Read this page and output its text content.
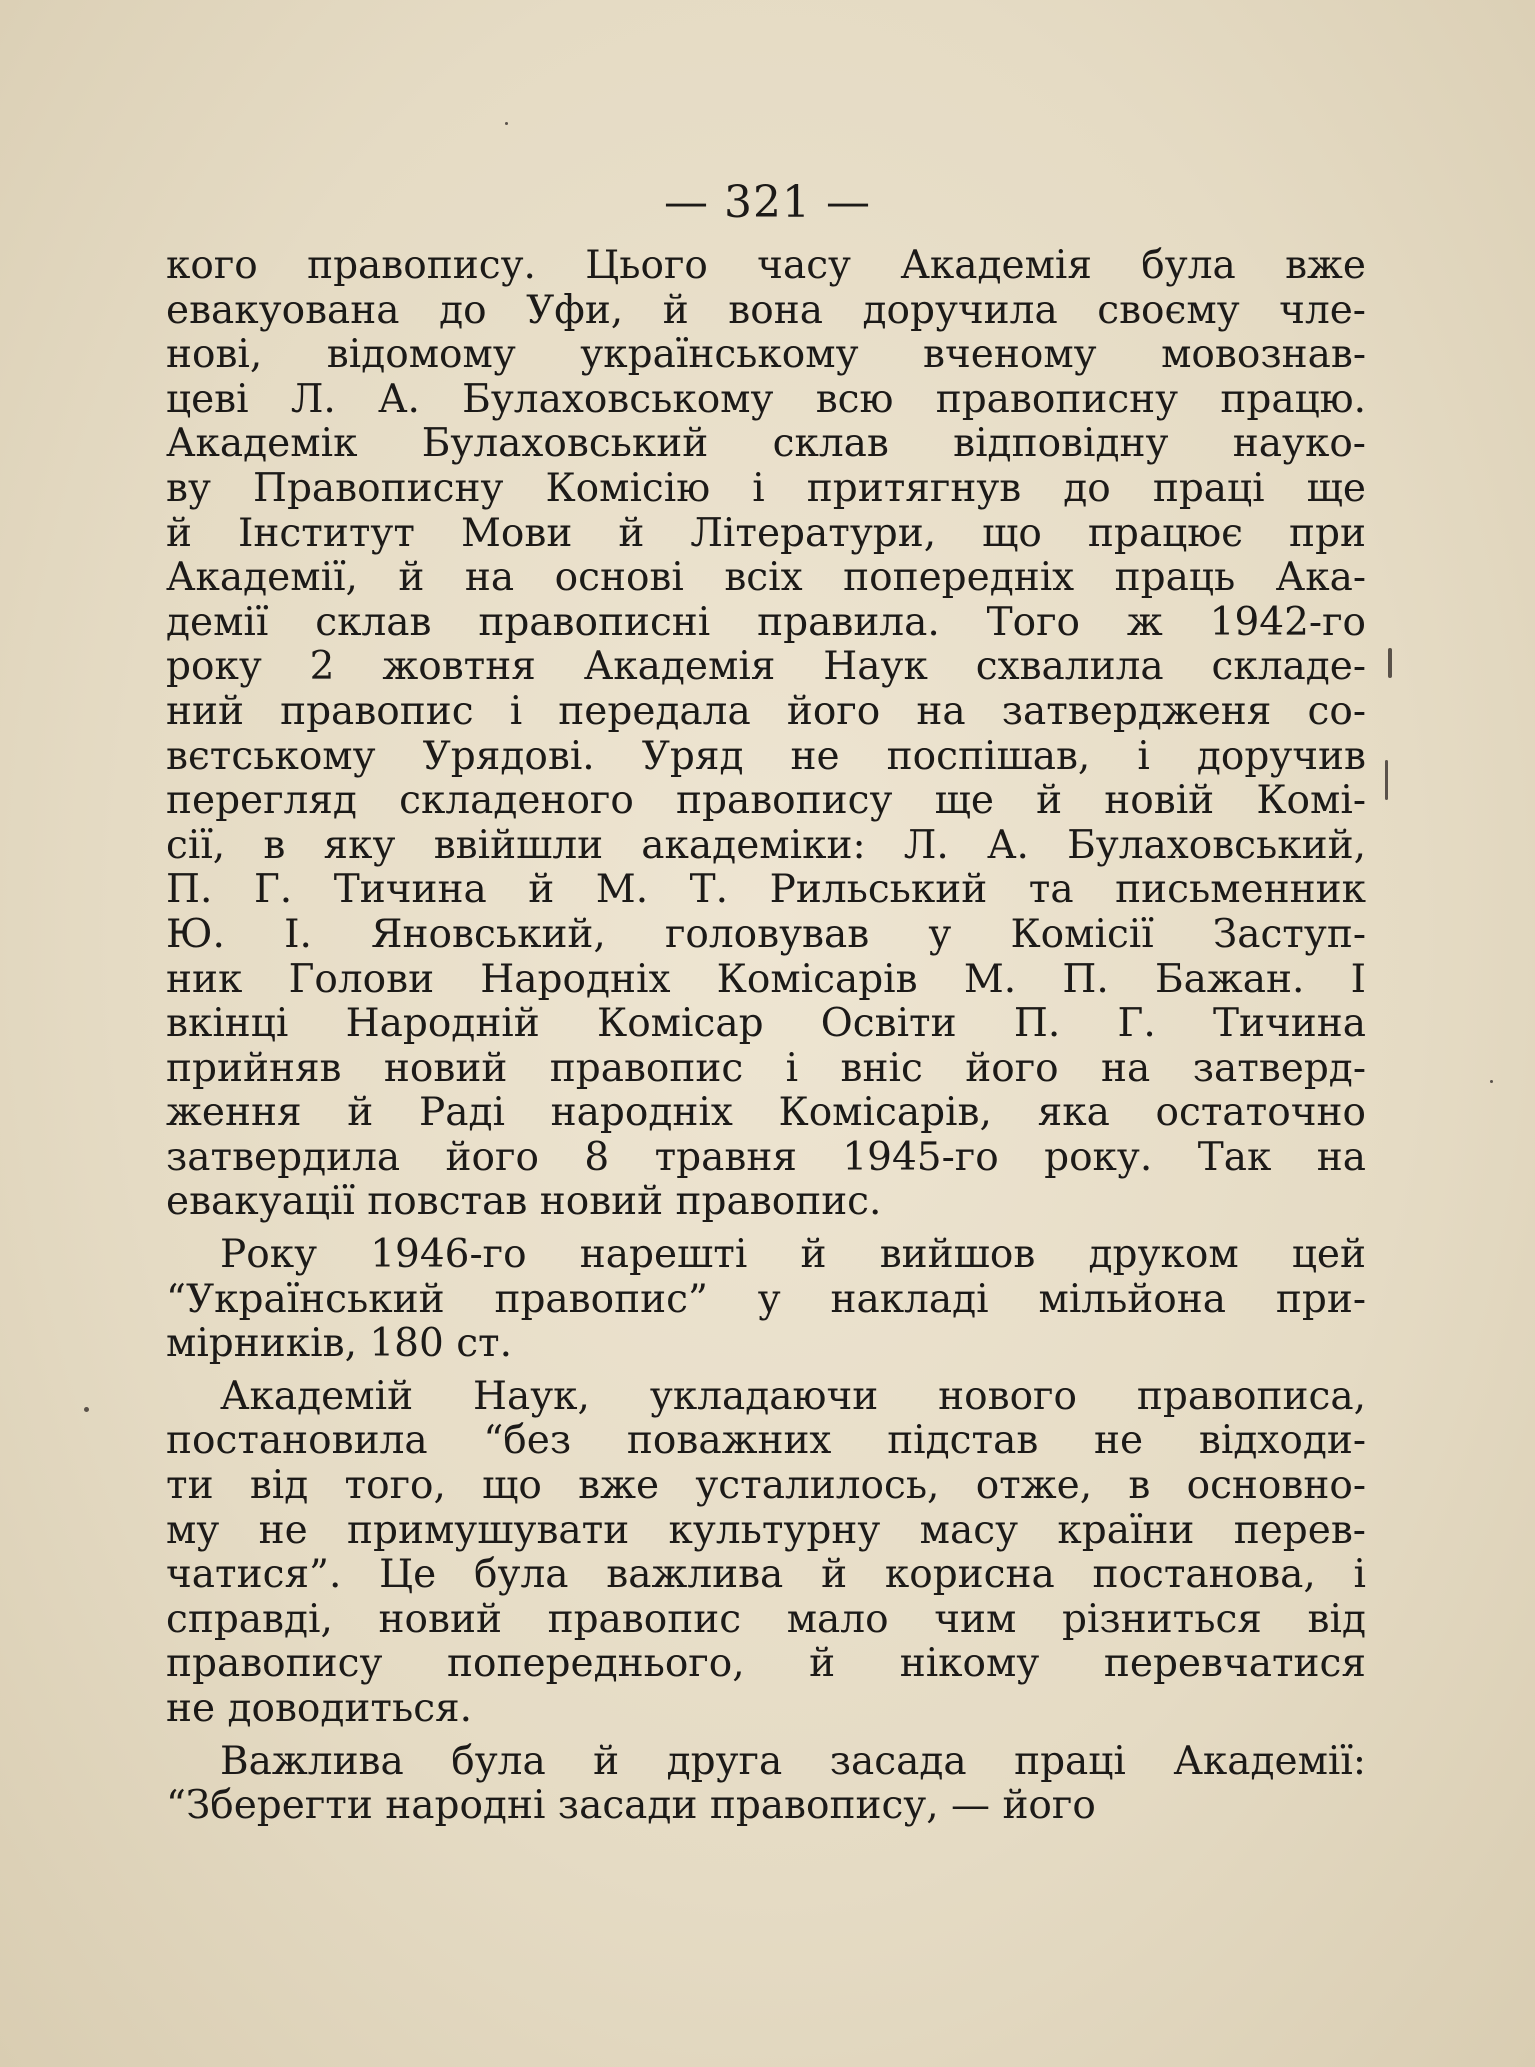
— 321 —
кого правопису. Цього часу Академія була вже
евакуована до Уфи, й вона доручила своєму чле-
нові, відомому українському вченому мовознав-
цеві Л. А. Булаховському всю правописну працю.
Академік Булаховський склав відповідну науко-
ву Правописну Комісію і притягнув до праці ще
й Інститут Мови й Літератури, що працює при
Академії, й на основі всіх попередніх праць Ака-
демії склав правописні правила. Того ж 1942-го
року 2 жовтня Академія Наук схвалила складе-
ний правопис і передала його на затверджeня со-
вєтському Урядові. Уряд не поспішав, і доручив
перегляд складеного правопису ще й новій Комі-
сії, в яку ввійшли академіки: Л. А. Булаховський,
П. Г. Тичина й М. Т. Рильський та письменник
Ю. І. Яновський, головував у Комісії Заступ-
ник Голови Народніх Комісарів М. П. Бажан. І
вкінці Народній Комісар Освіти П. Г. Тичина
прийняв новий правопис і вніс його на затверд-
ження й Раді народніх Комісарів, яка остаточно
затвердила його 8 травня 1945-го року. Так на
евакуації повстав новий правопис.
Року 1946-го нарешті й вийшов друком цей
“Український правопис” у накладі мільйона при-
мірників, 180 ст.
Академій Наук, укладаючи нового правописа,
постановила “без поважних підстав не відходи-
ти від того, що вже усталилось, отже, в основно-
му не примушувати культурну масу країни перев-
чатися”. Це була важлива й корисна постанова, і
справді, новий правопис мало чим різниться від
правопису попереднього, й нікому перевчатися
не доводиться.
Важлива була й друга засада праці Академії:
“Зберегти народні засади правопису, — його
